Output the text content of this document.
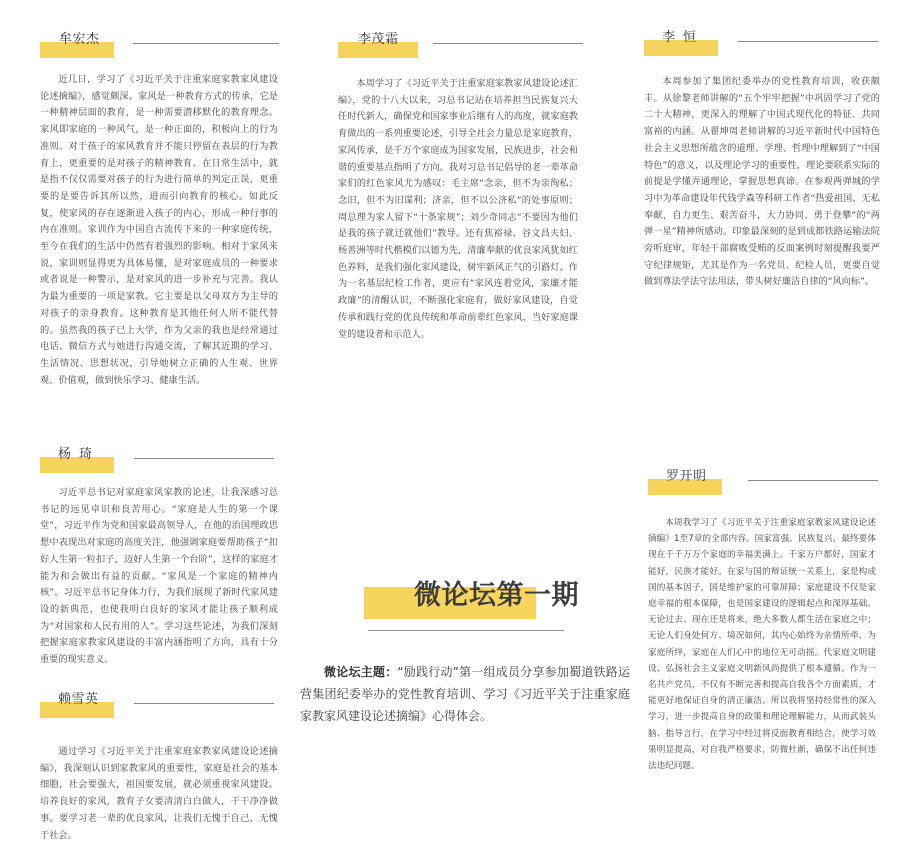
牟宏杰

近几日，学习了《习近平关于注重家庭家教家风建设论述摘编》，感觉颇深。家风是一种教育方式的传承，它是一种精神层面的教育，是一种需要潜移默化的教育理念。家风即家庭的一种风气，是一种正面的，积极向上的行为准则。对于孩子的家风教育并不能只停留在表层的行为教育上，更重要的是对孩子的精神教育。在日常生活中，就是指不仅仅需要对孩子的行为进行简单的判定正误，更重要的是要告诉其所以然，进而引向教育的核心。如此反复，使家风的存在逐渐进入孩子的内心，形成一种行事的内在准则。家训作为中国自古流传下来的一种家庭传统，至今在我们的生活中仍然有着强烈的影响。相对于家风来说，家训则显得更为具体易懂，是对家庭成员的一种要求或者说是一种警示，是对家风的进一步补充与完善。我认为最为重要的一项是家教。它主要是以父母双方为主导的对孩子的亲身教育。这种教育是其他任何人所不能代替的。虽然我的孩子已上大学，作为父亲的我也是经常通过电话、微信方式与她进行沟通交流，了解其近期的学习、生活情况、思想状况，引导她树立正确的人生观、世界观、价值观，做到快乐学习、健康生活。

李茂霜

本周学习了《习近平关于注重家庭家教家风建设论述汇编》，党的十八大以来，习总书记站在培养担当民族复兴大任时代新人，确保党和国家事业后继有人的高度，就家庭教育做出的一系列重要论述，引导全社会力量总是家庭教育，家风传承，是千万个家庭成为国家发展，民族进步，社会和谐的重要基点指明了方向。我对习总书记倡导的老一辈革命家们的红色家风尤为感叹：毛主席“念亲，但不为亲徇私；念旧，但不为旧谋利；济亲，但不以公济私”的处事原则；周总理为家人留下“十条家规”；刘少奇同志“不要因为他们是我的孩子就迁就他们”教导。还有焦裕禄、谷文昌夫妇、杨善洲等时代楷模们以德为先，清廉奉献的优良家风犹如红色养料，是我们强化家风建设，树牢新风正气的引路灯。作为一名基层纪检工作者，更应有“家风连着党风，家廉才能政廉”的清醒认识，不断强化家庭育，做好家风建设，自觉传承和践行党的优良传统和革命前辈红色家风，当好家庭课堂的建设者和示范人。

李恒

本周参加了集团纪委举办的党性教育培训，收获颇丰。从徐黎老师讲解的“五个牢牢把握”中巩固学习了党的二十大精神，更深入的理解了中国式现代化的特征、共同富裕的内涵。从翟坤周老师讲解的习近平新时代中国特色社会主义思想所蕴含的道理、学理、哲理中理解到了“中国特色”的意义，以及理论学习的重要性，理论要联系实际的前提是学懂弄通理论，掌握思想真谛。在参观两弹城的学习中为革命建设年代钱学森等科研工作者“热爱祖国、无私奉献，自力更生、艰苦奋斗，大力协同、勇于登攀”的“两弹一星”精神所感动。印象最深刻的是到成都铁路运输法院旁听庭审，年轻干部腐败受贿的反面案例时刻提醒我要严守纪律规矩，尤其是作为一名党员、纪检人员，更要自觉做到尊法学法守法用法，带头树好廉洁自律的“风向标”。

杨琦

习近平总书记对家庭家风家教的论述，让我深感习总书记的远见卓识和良苦用心。“家庭是人生的第一个课堂”，习近平作为党和国家最高领导人，在他的治国理政思想中表现出对家庭的高度关注，他强调家庭要帮助孩子“扣好人生第一粒扣子，迈好人生第一个台阶”，这样的家庭才能为和会做出有益的贡献。“家风是一个家庭的精神内核”。习近平总书记身体力行，为我们展现了新时代家风建设的新典范，也使我明白良好的家风才能让孩子顺利成为“对国家和人民有用的人”。学习这些论述，为我们深刻把握家庭家教家风建设的丰富内涵指明了方向，具有十分重要的现实意义。

赖雪英

通过学习《习近平关于注重家庭家教家风建设论述摘编》，我深刻认识到家教家风的重要性，家庭是社会的基本细胞，社会要强大，祖国要发展，就必须重视家风建设。培养良好的家风，教育子女要清清白白做人，干干净净做事。要学习老一辈的优良家风，让我们无愧于自己，无愧于社会。

罗开明

本周我学习了《习近平关于注重家庭家教家风建设论述摘编》1至7章的全部内容。国家富强、民族复兴，最终要体现在千千万万个家庭的幸福美满上。千家万户都好，国家才能好，民族才能好。在家与国的辩证统一关系上，家是构成国的基本因子，国是维护家的可靠屏障；家庭建设不仅是家庭幸福的根本保障，也是国家建设的逻辑起点和深厚基础。无论过去、现在还是将来，绝大多数人都生活在家庭之中；无论人们身处何方、境况如何，其内心始终为亲情所牵、为家庭所绊，家庭在人们心中的地位无可动摇。代家庭文明建设、弘扬社会主义家庭文明新风尚提供了根本遵循。作为一名共产党员，不仅有不断完善和提高自我各个方面素质，才能更好地保证自身的清正廉洁。所以我将坚持经常性的深入学习，进一步提高自身的政策和理论理解能力，从而武装头脑、指导言行，在学习中经过将反面教育相结合，使学习效果明显提高，对自我严格要求，防微杜渐，确保不出任何违法违纪问题。

微论坛第一期

微论坛主题：“励践行动”第一组成员分享参加蜀道铁路运营集团纪委举办的党性教育培训、学习《习近平关于注重家庭家教家风建设论述摘编》心得体会。
